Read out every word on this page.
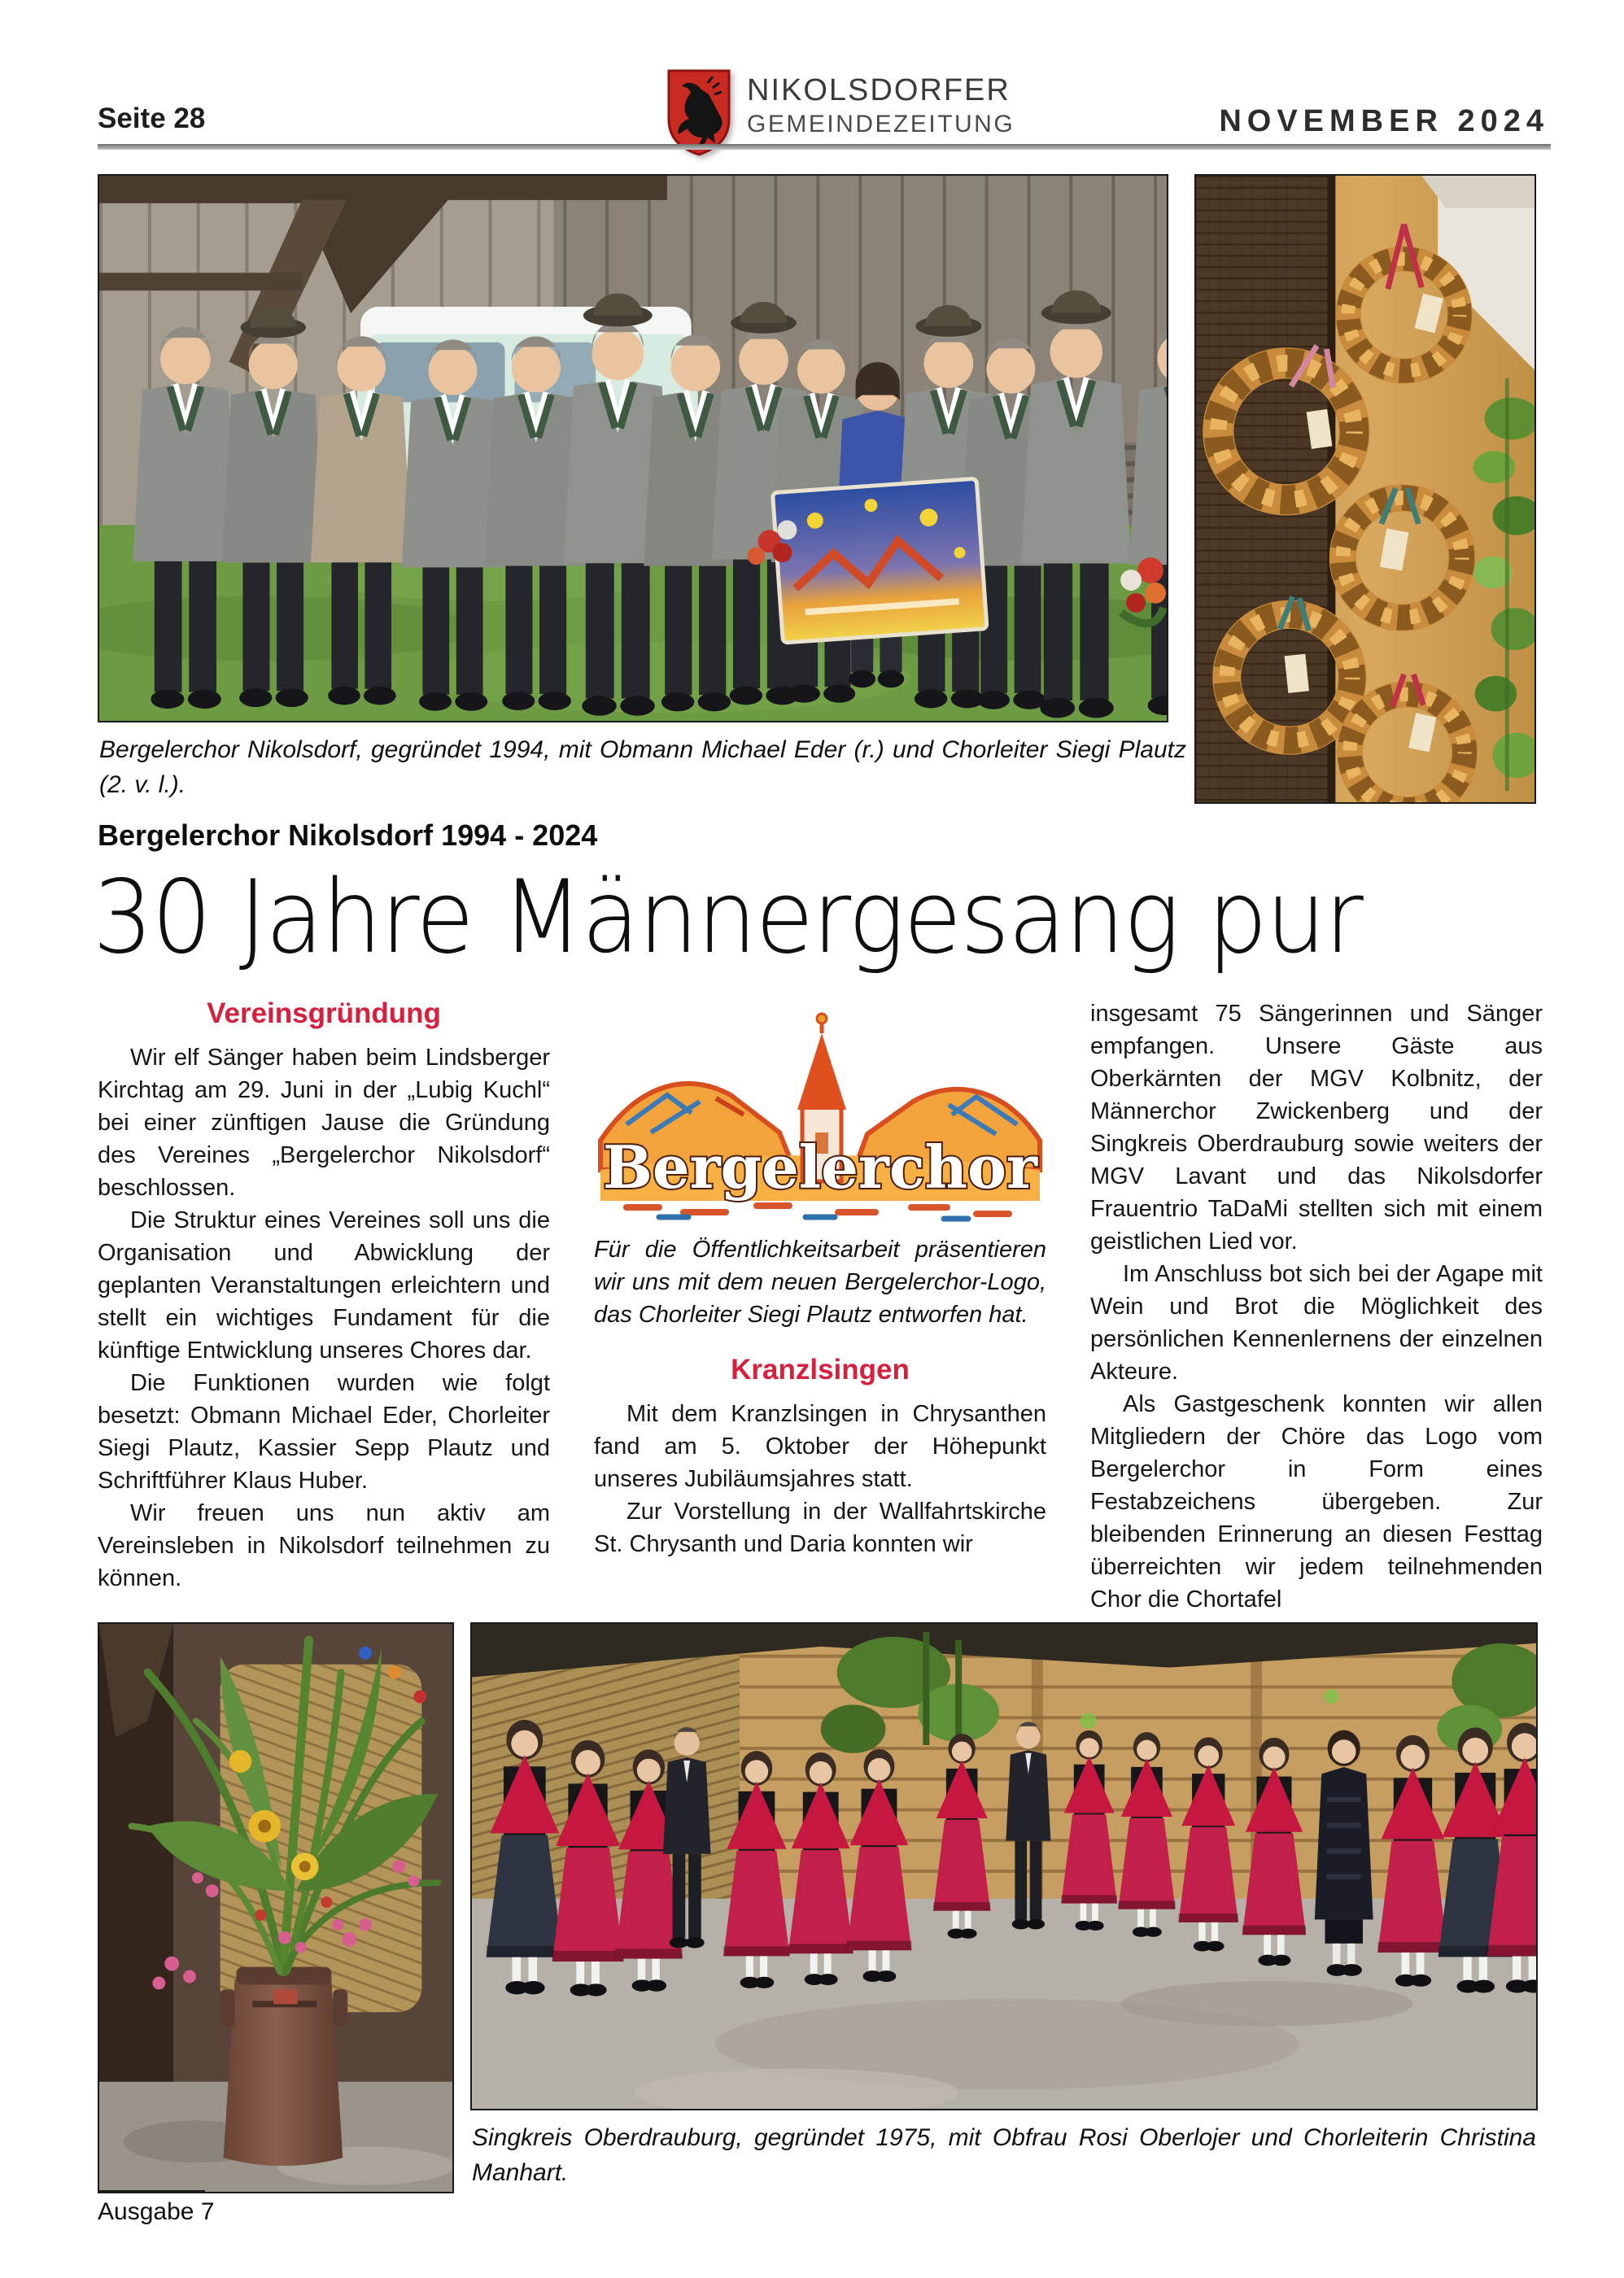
Seite 28
NIKOLSDORFER
GEMEINDEZEITUNG	NOVEMBER 2024
Bergelerchor Nikolsdorf, gegründet 1994, mit Obmann Michael Eder (r.) und Chorleiter Siegi Plautz (2. v. l.).
Bergelerchor Nikolsdorf 1994 - 2024
30 Jahre Männergesang pur
Vereinsgründung

Wir elf Sänger haben beim Lindsberger Kirchtag am 29. Juni in der „Lubig Kuchl“ bei einer zünftigen Jause die Gründung des Vereines „Bergelerchor Nikolsdorf“ beschlossen.

Die Struktur eines Vereines soll uns die Organisation und Abwicklung der geplanten Veranstaltungen erleichtern und stellt ein wichtiges Fundament für die künftige Entwicklung unseres Chores dar.

Die Funktionen wurden wie folgt besetzt: Obmann Michael Eder, Chorleiter Siegi Plautz, Kassier Sepp Plautz und Schriftführer Klaus Huber.

Wir freuen uns nun aktiv am Vereinsleben in Nikolsdorf teilnehmen zu können.

Bergelerchor
Für die Öffentlichkeitsarbeit präsentieren wir uns mit dem neuen Bergelerchor-Logo, das Chorleiter Siegi Plautz entworfen hat.
Kranzlsingen

Mit dem Kranzlsingen in Chrysanthen fand am 5. Oktober der Höhepunkt unseres Jubiläumsjahres statt.

Zur Vorstellung in der Wallfahrtskirche St. Chrysanth und Daria konnten wir

insgesamt 75 Sängerinnen und Sänger empfangen. Unsere Gäste aus Oberkärnten der MGV Kolbnitz, der Männerchor Zwickenberg und der Singkreis Oberdrauburg sowie weiters der MGV Lavant und das Nikolsdorfer Frauentrio TaDaMi stellten sich mit einem geistlichen Lied vor.

Im Anschluss bot sich bei der Agape mit Wein und Brot die Möglichkeit des persönlichen Kennenlernens der einzelnen Akteure.

Als Gastgeschenk konnten wir allen Mitgliedern der Chöre das Logo vom Bergelerchor in Form eines Festabzeichens übergeben. Zur bleibenden Erinnerung an diesen Festtag überreichten wir jedem teilnehmenden Chor die Chortafel

Singkreis Oberdrauburg, gegründet 1975, mit Obfrau Rosi Oberlojer und Chorleiterin Christina Manhart.
Ausgabe 7
